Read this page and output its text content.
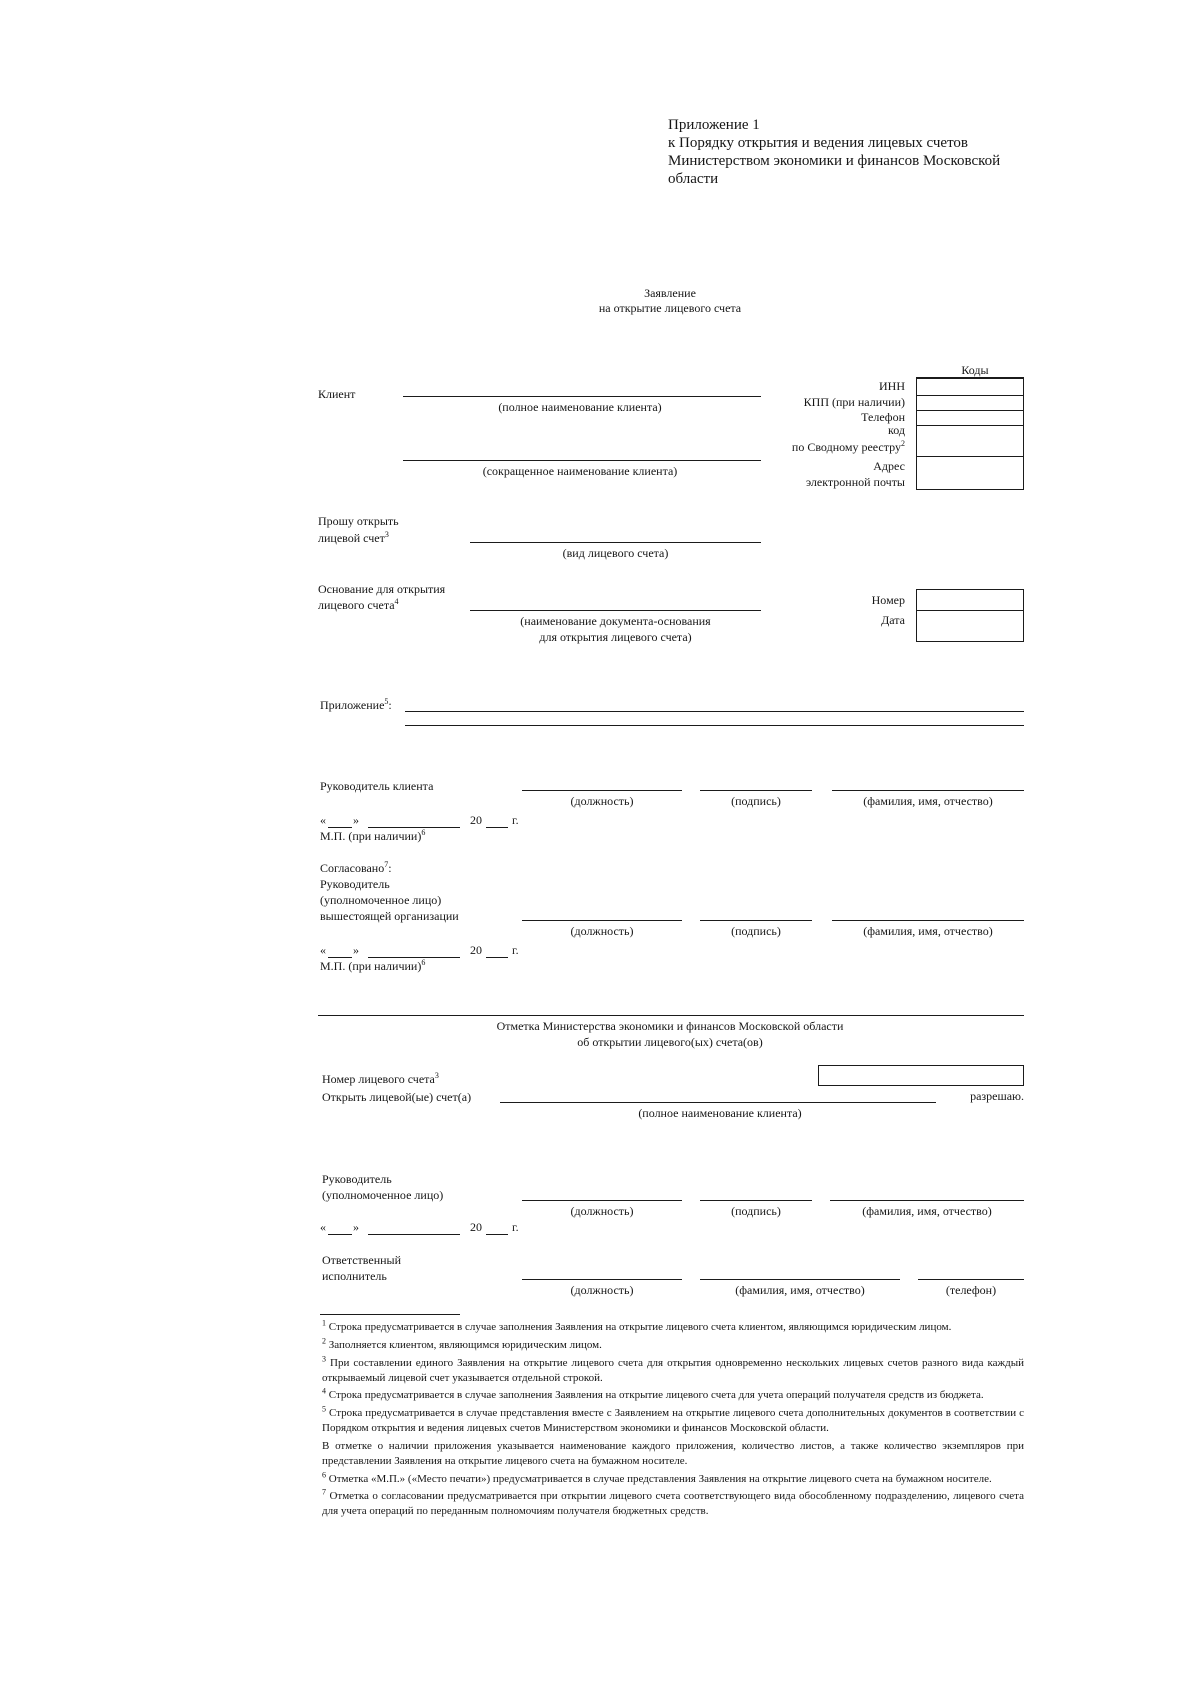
Приложение 1
к Порядку открытия и ведения лицевых счетов
Министерством экономики и финансов Московской
области
Заявление
на открытие лицевого счета
Коды
ИНН
КПП (при наличии)
Телефон
код
по Сводному реестру$^2$
Адрес
электронной почты
Клиент
(полное наименование клиента)
(сокращенное наименование клиента)
Прошу открыть
лицевой счет$^3$
(вид лицевого счета)
Основание для открытия
лицевого счета$^4$
(наименование документа-основания
для открытия лицевого счета)
Номер
Дата
Приложение$^5$:
Руководитель клиента
(должность)	(подпись)	(фамилия, имя, отчество)
« »	20	г.
М.П. (при наличии)$^6$
Согласовано$^7$:
Руководитель
(уполномоченное лицо)
вышестоящей организации
(должность)	(подпись)	(фамилия, имя, отчество)
« »	20	г.
М.П. (при наличии)$^6$
Отметка Министерства экономики и финансов Московской области
об открытии лицевого(ых) счета(ов)
Номер лицевого счета$^3$
Открыть лицевой(ые) счет(а)	разрешаю.
(полное наименование клиента)
Руководитель
(уполномоченное лицо)
(должность)	(подпись)	(фамилия, имя, отчество)
« »	20	г.
Ответственный
исполнитель
(должность)	(фамилия, имя, отчество)	(телефон)

$^1$ Строка предусматривается в случае заполнения Заявления на открытие лицевого счета клиентом, являющимся юридическим лицом.

$^2$ Заполняется клиентом, являющимся юридическим лицом.

$^3$ При составлении единого Заявления на открытие лицевого счета для открытия одновременно нескольких лицевых счетов разного вида каждый открываемый лицевой счет указывается отдельной строкой.

$^4$ Строка предусматривается в случае заполнения Заявления на открытие лицевого счета для учета операций получателя средств из бюджета.

$^5$ Строка предусматривается в случае представления вместе с Заявлением на открытие лицевого счета дополнительных документов в соответствии с Порядком открытия и ведения лицевых счетов Министерством экономики и финансов Московской области.

В отметке о наличии приложения указывается наименование каждого приложения, количество листов, а также количество экземпляров при представлении Заявления на открытие лицевого счета на бумажном носителе.

$^6$ Отметка «М.П.» («Место печати») предусматривается в случае представления Заявления на открытие лицевого счета на бумажном носителе.

$^7$ Отметка о согласовании предусматривается при открытии лицевого счета соответствующего вида обособленному подразделению, лицевого счета для учета операций по переданным полномочиям получателя бюджетных средств.
